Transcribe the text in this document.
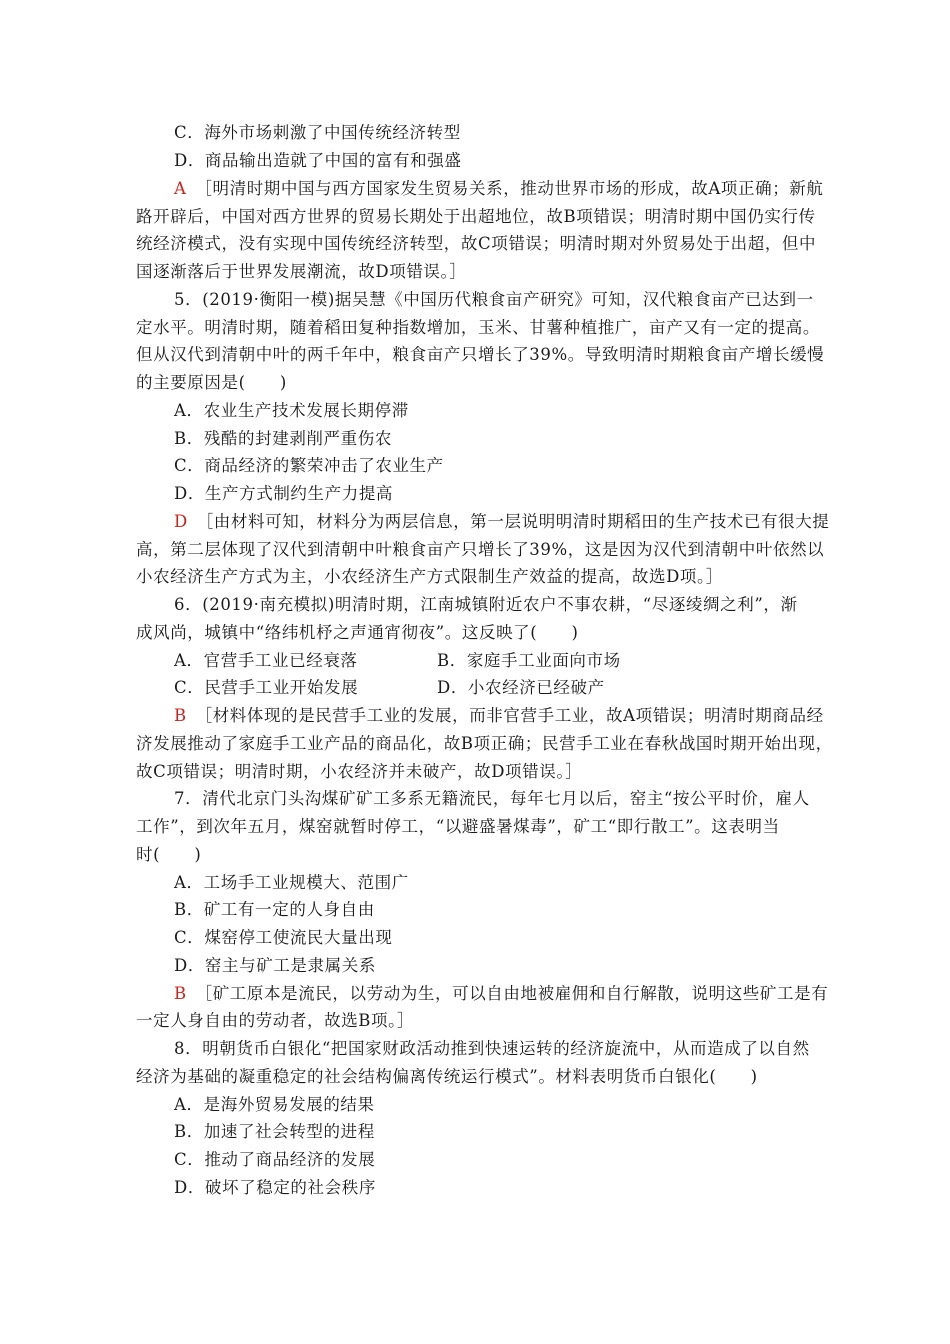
C．海外市场刺激了中国传统经济转型
D．商品输出造就了中国的富有和强盛
A　 ［明清时期中国与西方国家发生贸易关系，推动世界市场的形成，故A项正确；新航
路开辟后，中国对西方世界的贸易长期处于出超地位，故B项错误；明清时期中国仍实行传
统经济模式，没有实现中国传统经济转型，故C项错误；明清时期对外贸易处于出超，但中
国逐渐落后于世界发展潮流，故D项错误。］
5．(2019·衡阳一模)据吴慧《中国历代粮食亩产研究》可知，汉代粮食亩产已达到一
定水平。明清时期，随着稻田复种指数增加，玉米、甘薯种植推广，亩产又有一定的提高。
但从汉代到清朝中叶的两千年中，粮食亩产只增长了39%。导致明清时期粮食亩产增长缓慢
的主要原因是(　　)
A．农业生产技术发展长期停滞
B．残酷的封建剥削严重伤农
C．商品经济的繁荣冲击了农业生产
D．生产方式制约生产力提高
D　 ［由材料可知，材料分为两层信息，第一层说明明清时期稻田的生产技术已有很大提
高，第二层体现了汉代到清朝中叶粮食亩产只增长了39%，这是因为汉代到清朝中叶依然以
小农经济生产方式为主，小农经济生产方式限制生产效益的提高，故选D项。］
6．(2019·南充模拟)明清时期，江南城镇附近农户不事农耕，“尽逐绫绸之利”，渐
成风尚，城镇中“络纬机杼之声通宵彻夜”。这反映了(　　)
A．官营手工业已经衰落	B．家庭手工业面向市场
C．民营手工业开始发展	D．小农经济已经破产
B　 ［材料体现的是民营手工业的发展，而非官营手工业，故A项错误；明清时期商品经
济发展推动了家庭手工业产品的商品化，故B项正确；民营手工业在春秋战国时期开始出现，
故C项错误；明清时期，小农经济并未破产，故D项错误。］
7．清代北京门头沟煤矿矿工多系无籍流民，每年七月以后，窑主“按公平时价，雇人
工作”，到次年五月，煤窑就暂时停工，“以避盛暑煤毒”，矿工“即行散工”。这表明当
时(　　)
A．工场手工业规模大、范围广
B．矿工有一定的人身自由
C．煤窑停工使流民大量出现
D．窑主与矿工是隶属关系
B　 ［矿工原本是流民，以劳动为生，可以自由地被雇佣和自行解散，说明这些矿工是有
一定人身自由的劳动者，故选B项。］
8．明朝货币白银化“把国家财政活动推到快速运转的经济旋流中，从而造成了以自然
经济为基础的凝重稳定的社会结构偏离传统运行模式”。材料表明货币白银化(　　)
A．是海外贸易发展的结果
B．加速了社会转型的进程
C．推动了商品经济的发展
D．破坏了稳定的社会秩序
